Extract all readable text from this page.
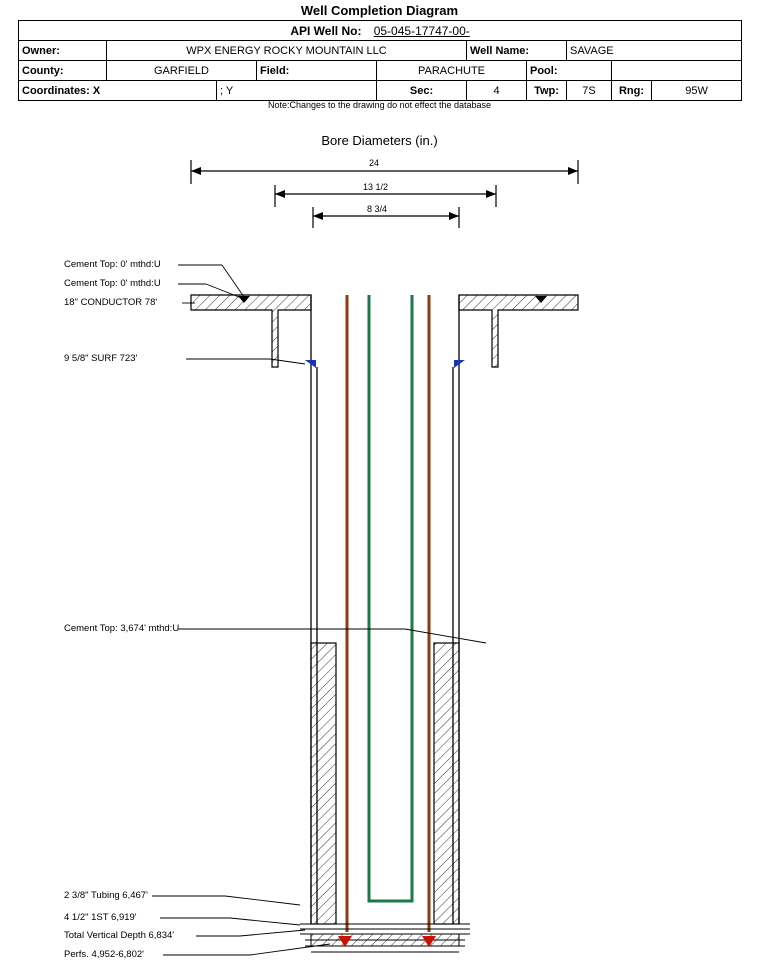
Well Completion Diagram
API Well No: 05-045-17747-00-									
Owner:	WPX ENERGY ROCKY MOUNTAIN LLC				Well Name:		SAVAGE		
County:	GARFIELD		Field:	PARACHUTE		Pool:			
Coordinates: X		; Y		Sec:	4	Twp:	7S	Rng:	95W
Note:Changes to the drawing do not effect the database
Bore Diameters (in.)
24
13 1/2
8 3/4
Cement Top: 0' mthd:U
Cement Top: 0' mthd:U
18" CONDUCTOR 78'
9 5/8" SURF 723'
Cement Top: 3,674' mthd:U
2 3/8" Tubing 6,467'
4 1/2" 1ST 6,919'
Total Vertical Depth 6,834'
Perfs. 4,952-6,802'
